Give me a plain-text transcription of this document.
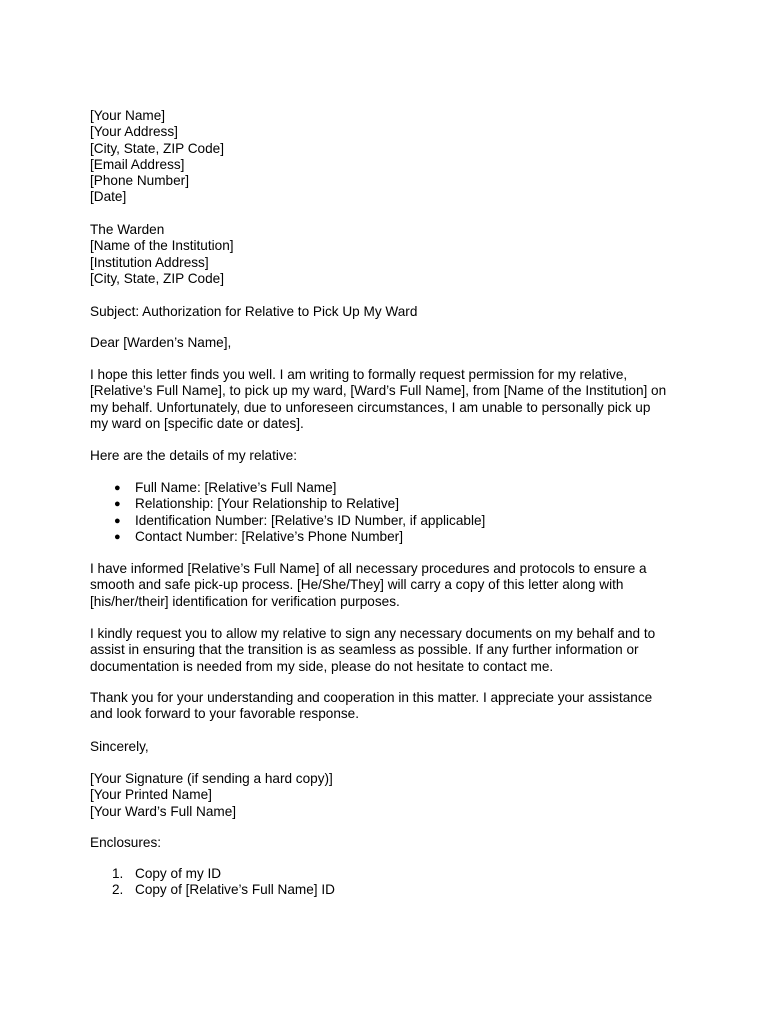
[Your Name]
[Your Address]
[City, State, ZIP Code]
[Email Address]
[Phone Number]
[Date]
The Warden
[Name of the Institution]
[Institution Address]
[City, State, ZIP Code]
Subject: Authorization for Relative to Pick Up My Ward
Dear [Warden’s Name],
I hope this letter finds you well. I am writing to formally request permission for my relative,
[Relative’s Full Name], to pick up my ward, [Ward’s Full Name], from [Name of the Institution] on
my behalf. Unfortunately, due to unforeseen circumstances, I am unable to personally pick up
my ward on [specific date or dates].
Here are the details of my relative:
● Full Name: [Relative’s Full Name]
● Relationship: [Your Relationship to Relative]
● Identification Number: [Relative’s ID Number, if applicable]
● Contact Number: [Relative’s Phone Number]
I have informed [Relative’s Full Name] of all necessary procedures and protocols to ensure a
smooth and safe pick-up process. [He/She/They] will carry a copy of this letter along with
[his/her/their] identification for verification purposes.
I kindly request you to allow my relative to sign any necessary documents on my behalf and to
assist in ensuring that the transition is as seamless as possible. If any further information or
documentation is needed from my side, please do not hesitate to contact me.
Thank you for your understanding and cooperation in this matter. I appreciate your assistance
and look forward to your favorable response.
Sincerely,
[Your Signature (if sending a hard copy)]
[Your Printed Name]
[Your Ward’s Full Name]
Enclosures:
1. Copy of my ID
2. Copy of [Relative’s Full Name] ID
